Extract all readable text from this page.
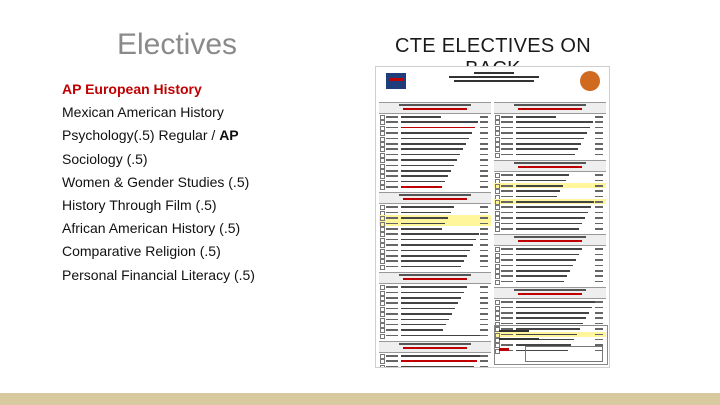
Electives
AP European History
Mexican American History
Psychology(.5) Regular / AP
Sociology (.5)
Women & Gender Studies (.5)
History Through Film (.5)
African American History (.5)
Comparative Religion (.5)
Personal Financial Literacy (.5)
CTE ELECTIVES ON
